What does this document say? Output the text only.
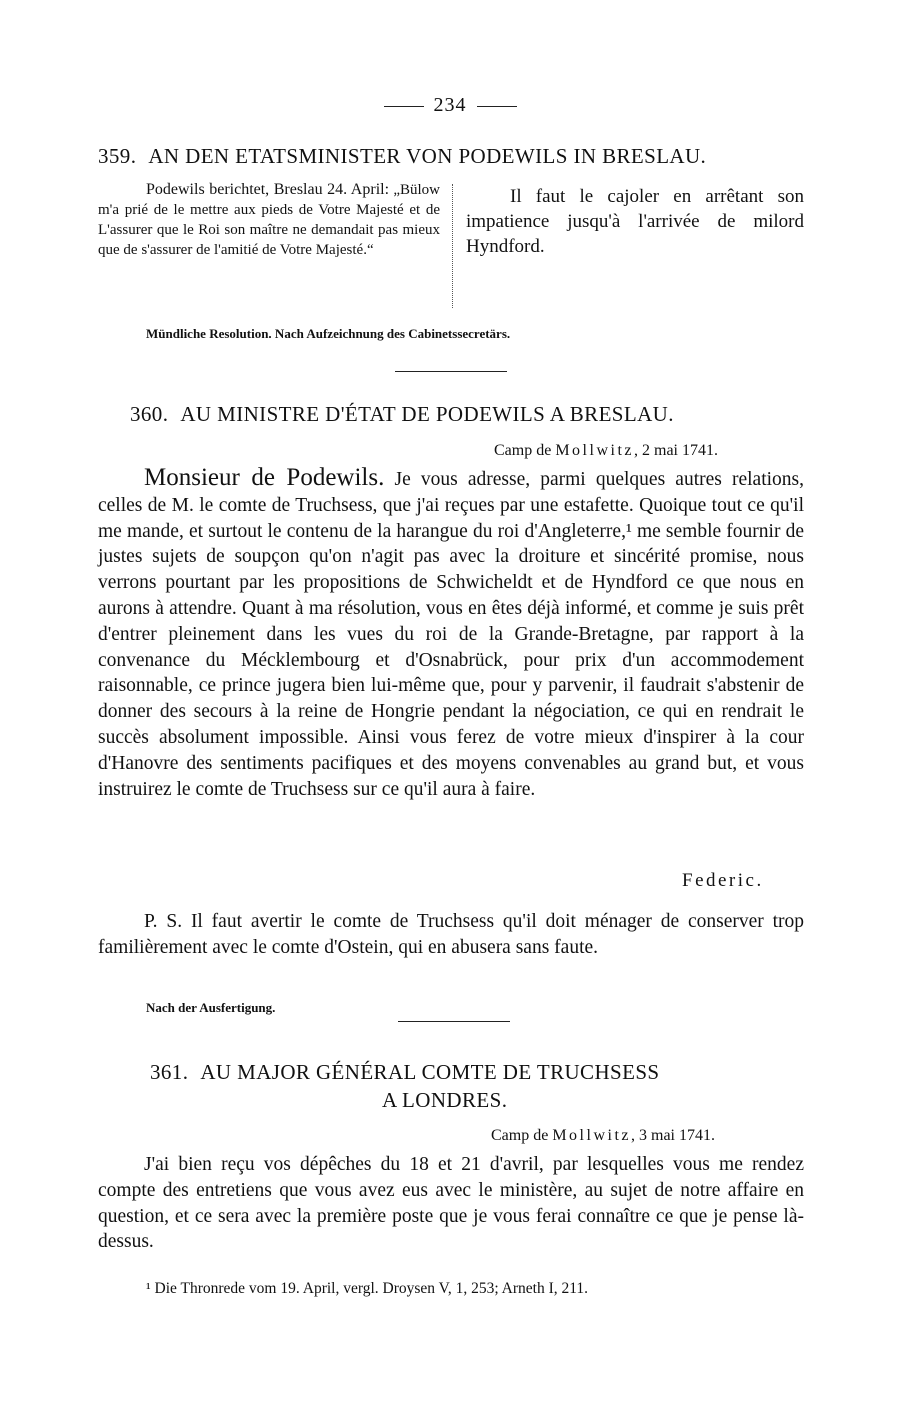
234
359. AN DEN ETATSMINISTER VON PODEWILS IN BRESLAU.
Podewils berichtet, Breslau 24. April: „Bülow m'a prié de le mettre aux pieds de Votre Majesté et de L'assurer que le Roi son maître ne demandait pas mieux que de s'assurer de l'amitié de Votre Majesté.“
Il faut le cajoler en arrêtant son impatience jusqu'à l'arrivée de milord Hyndford.
Mündliche Resolution. Nach Aufzeichnung des Cabinetssecretärs.
360. AU MINISTRE D'ÉTAT DE PODEWILS A BRESLAU.
Camp de Mollwitz, 2 mai 1741.
Monsieur de Podewils. Je vous adresse, parmi quelques autres relations, celles de M. le comte de Truchsess, que j'ai reçues par une estafette. Quoique tout ce qu'il me mande, et surtout le contenu de la harangue du roi d'Angleterre,¹ me semble fournir de justes sujets de soupçon qu'on n'agit pas avec la droiture et sincérité promise, nous verrons pourtant par les propositions de Schwicheldt et de Hyndford ce que nous en aurons à attendre. Quant à ma résolution, vous en êtes déjà informé, et comme je suis prêt d'entrer pleinement dans les vues du roi de la Grande-Bretagne, par rapport à la convenance du Mécklembourg et d'Osnabrück, pour prix d'un accommodement raisonnable, ce prince jugera bien lui-même que, pour y parvenir, il faudrait s'abstenir de donner des secours à la reine de Hongrie pendant la négociation, ce qui en rendrait le succès absolument impossible. Ainsi vous ferez de votre mieux d'inspirer à la cour d'Hanovre des sentiments pacifiques et des moyens convenables au grand but, et vous instruirez le comte de Truchsess sur ce qu'il aura à faire.
Federic.
P. S. Il faut avertir le comte de Truchsess qu'il doit ménager de conserver trop familièrement avec le comte d'Ostein, qui en abusera sans faute.
Nach der Ausfertigung.
361. AU MAJOR GÉNÉRAL COMTE DE TRUCHSESS
A LONDRES.
Camp de Mollwitz, 3 mai 1741.
J'ai bien reçu vos dépêches du 18 et 21 d'avril, par lesquelles vous me rendez compte des entretiens que vous avez eus avec le ministère, au sujet de notre affaire en question, et ce sera avec la première poste que je vous ferai connaître ce que je pense là-dessus.
¹ Die Thronrede vom 19. April, vergl. Droysen V, 1, 253; Arneth I, 211.
